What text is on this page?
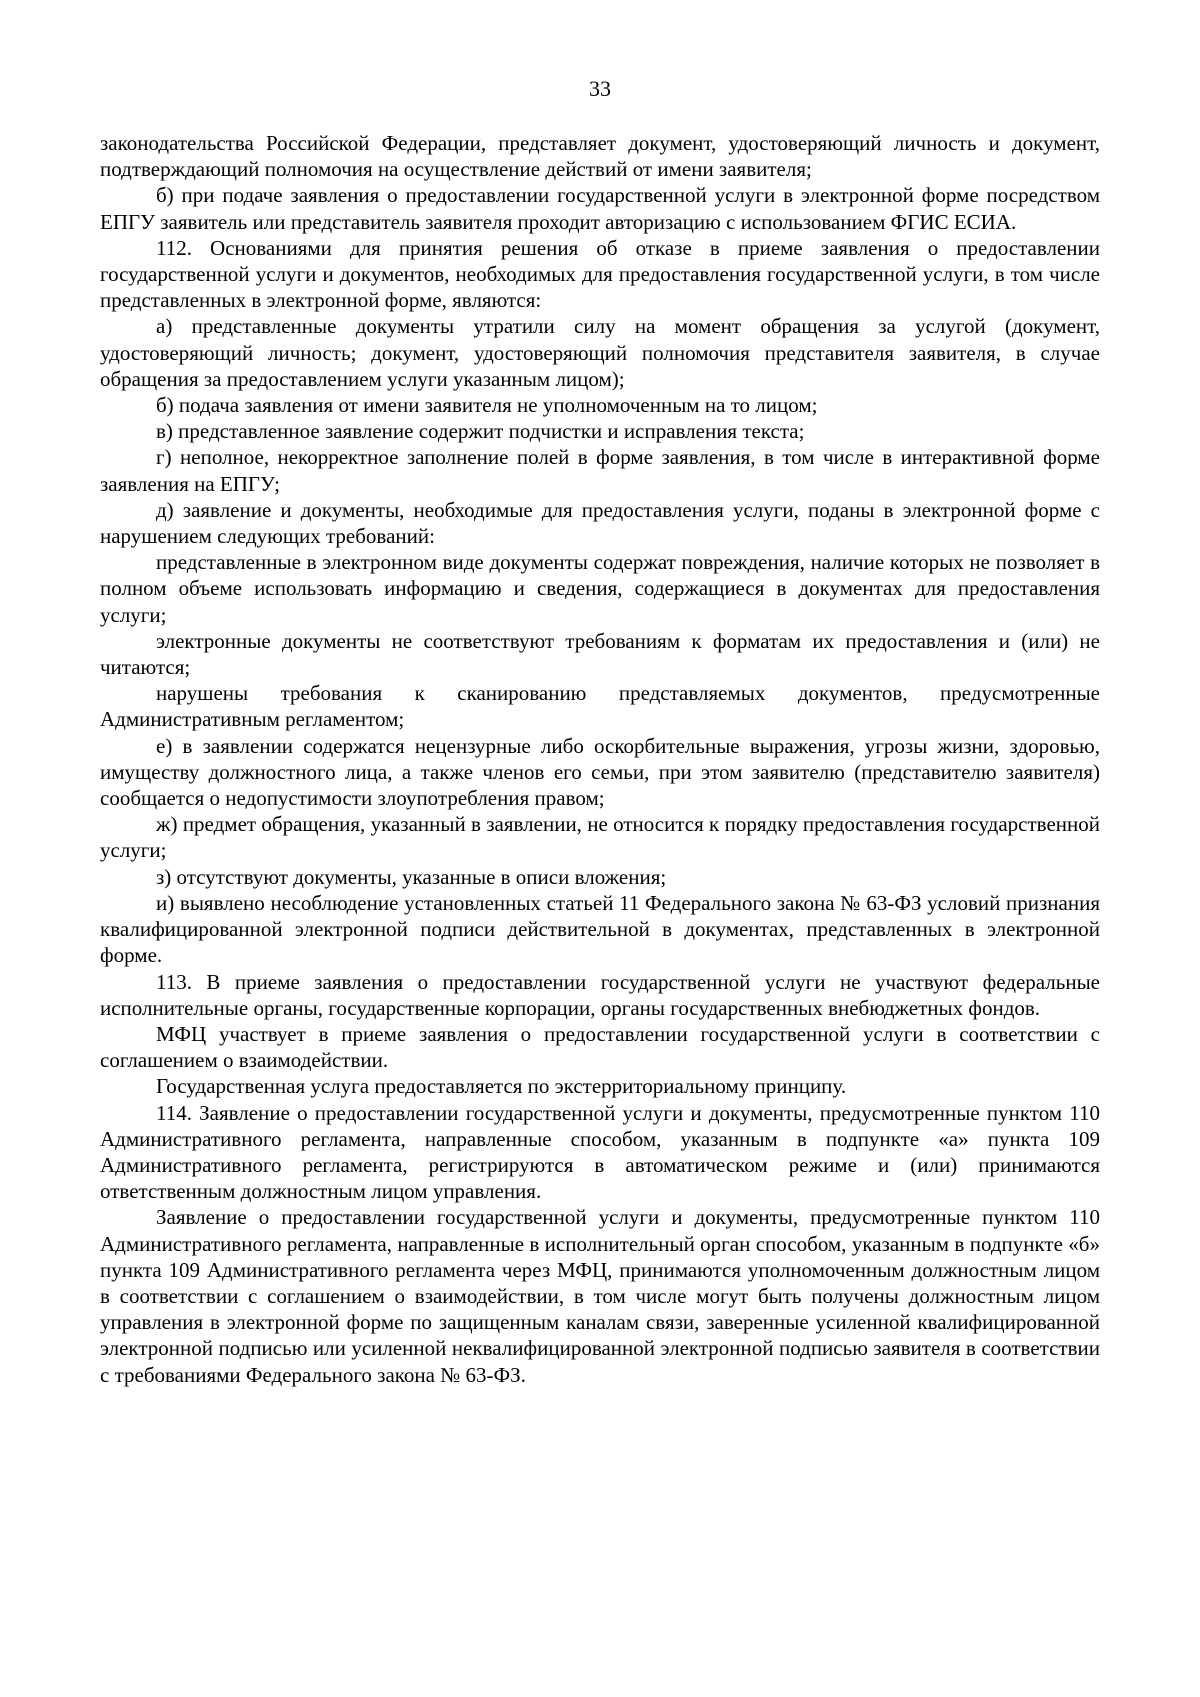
33

законодательства Российской Федерации, представляет документ, удостоверяющий личность и документ, подтверждающий полномочия на осуществление действий от имени заявителя;

б) при подаче заявления о предоставлении государственной услуги в электронной форме посредством ЕПГУ заявитель или представитель заявителя проходит авторизацию с использованием ФГИС ЕСИА.

112. Основаниями для принятия решения об отказе в приеме заявления о предоставлении государственной услуги и документов, необходимых для предоставления государственной услуги, в том числе представленных в электронной форме, являются:

а) представленные документы утратили силу на момент обращения за услугой (документ, удостоверяющий личность; документ, удостоверяющий полномочия представителя заявителя, в случае обращения за предоставлением услуги указанным лицом);

б) подача заявления от имени заявителя не уполномоченным на то лицом;

в) представленное заявление содержит подчистки и исправления текста;

г) неполное, некорректное заполнение полей в форме заявления, в том числе в интерактивной форме заявления на ЕПГУ;

д) заявление и документы, необходимые для предоставления услуги, поданы в электронной форме с нарушением следующих требований:

представленные в электронном виде документы содержат повреждения, наличие которых не позволяет в полном объеме использовать информацию и сведения, содержащиеся в документах для предоставления услуги;

электронные документы не соответствуют требованиям к форматам их предоставления и (или) не читаются;

нарушены требования к сканированию представляемых документов, предусмотренные Административным регламентом;

е) в заявлении содержатся нецензурные либо оскорбительные выражения, угрозы жизни, здоровью, имуществу должностного лица, а также членов его семьи, при этом заявителю (представителю заявителя) сообщается о недопустимости злоупотребления правом;

ж) предмет обращения, указанный в заявлении, не относится к порядку предоставления государственной услуги;

з) отсутствуют документы, указанные в описи вложения;

и) выявлено несоблюдение установленных статьей 11 Федерального закона № 63-ФЗ условий признания квалифицированной электронной подписи действительной в документах, представленных в электронной форме.

113. В приеме заявления о предоставлении государственной услуги не участвуют федеральные исполнительные органы, государственные корпорации, органы государственных внебюджетных фондов.

МФЦ участвует в приеме заявления о предоставлении государственной услуги в соответствии с соглашением о взаимодействии.

Государственная услуга предоставляется по экстерриториальному принципу.

114. Заявление о предоставлении государственной услуги и документы, предусмотренные пунктом 110 Административного регламента, направленные способом, указанным в подпункте «а» пункта 109 Административного регламента, регистрируются в автоматическом режиме и (или) принимаются ответственным должностным лицом управления.

Заявление о предоставлении государственной услуги и документы, предусмотренные пунктом 110 Административного регламента, направленные в исполнительный орган способом, указанным в подпункте «б» пункта 109 Административного регламента через МФЦ, принимаются уполномоченным должностным лицом в соответствии с соглашением о взаимодействии, в том числе могут быть получены должностным лицом управления в электронной форме по защищенным каналам связи, заверенные усиленной квалифицированной электронной подписью или усиленной неквалифицированной электронной подписью заявителя в соответствии с требованиями Федерального закона № 63-ФЗ.
